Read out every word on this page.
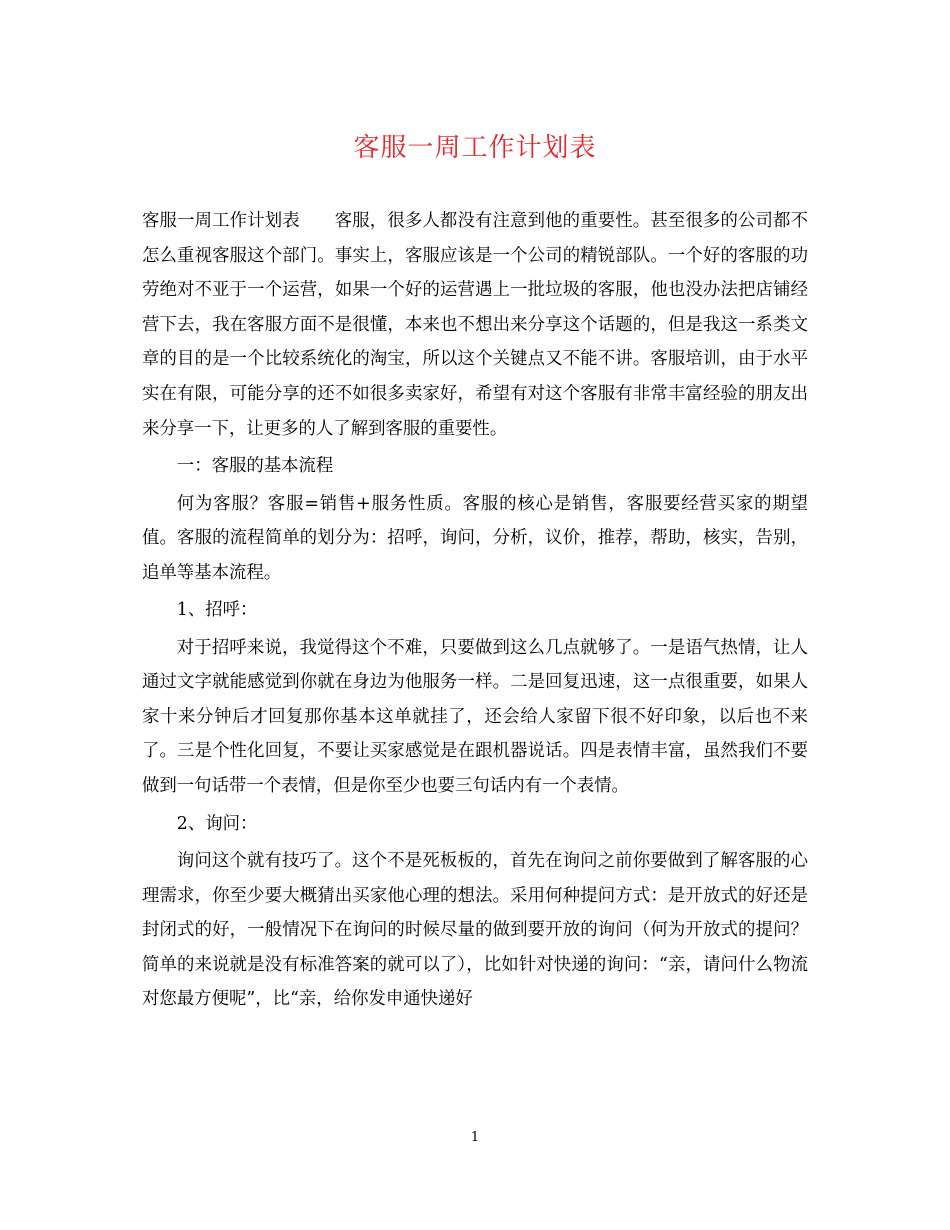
客服一周工作计划表

客服一周工作计划表 客服，很多人都没有注意到他的重要性。甚至很多的公司都不怎么重视客服这个部门。事实上，客服应该是一个公司的精锐部队。一个好的客服的功劳绝对不亚于一个运营，如果一个好的运营遇上一批垃圾的客服，他也没办法把店铺经营下去，我在客服方面不是很懂，本来也不想出来分享这个话题的，但是我这一系类文章的目的是一个比较系统化的淘宝，所以这个关键点又不能不讲。客服培训，由于水平实在有限，可能分享的还不如很多卖家好，希望有对这个客服有非常丰富经验的朋友出来分享一下，让更多的人了解到客服的重要性。

一：客服的基本流程

何为客服？客服=销售+服务性质。客服的核心是销售，客服要经营买家的期望值。客服的流程简单的划分为：招呼，询问，分析，议价，推荐，帮助，核实，告别，追单等基本流程。

1、招呼：

对于招呼来说，我觉得这个不难，只要做到这么几点就够了。一是语气热情，让人通过文字就能感觉到你就在身边为他服务一样。二是回复迅速，这一点很重要，如果人家十来分钟后才回复那你基本这单就挂了，还会给人家留下很不好印象，以后也不来了。三是个性化回复，不要让买家感觉是在跟机器说话。四是表情丰富，虽然我们不要做到一句话带一个表情，但是你至少也要三句话内有一个表情。

2、询问：

询问这个就有技巧了。这个不是死板板的，首先在询问之前你要做到了解客服的心理需求，你至少要大概猜出买家他心理的想法。采用何种提问方式：是开放式的好还是封闭式的好，一般情况下在询问的时候尽量的做到要开放的询问（何为开放式的提问？简单的来说就是没有标准答案的就可以了），比如针对快递的询问：“亲，请问什么物流对您最方便呢”，比“亲，给你发申通快递好

1
